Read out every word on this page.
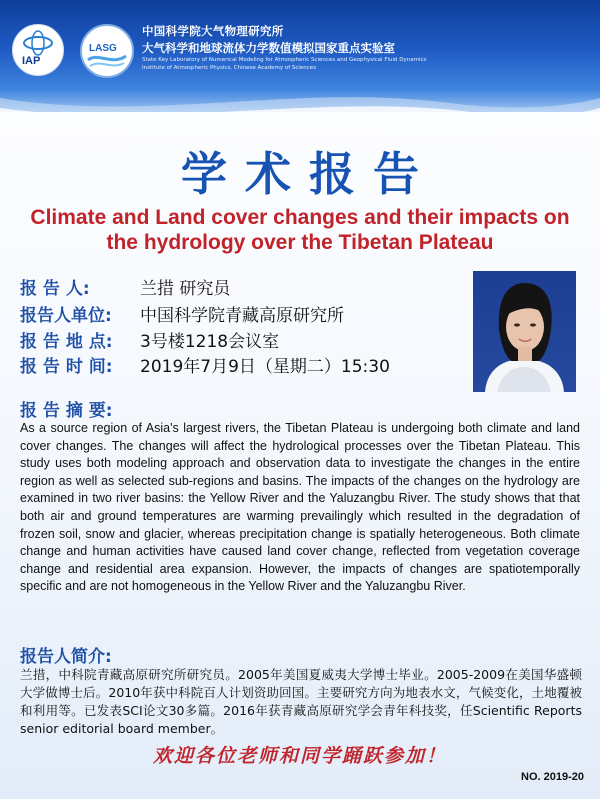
IAP
LASG
中国科学院大气物理研究所
大气科学和地球流体力学数值模拟国家重点实验室
State Key Laboratory of Numerical Modeling for Atmospheric Sciences and Geophysical Fluid Dynamics
Institute of Atmospheric Physics, Chinese Academy of Sciences
学术报告
Climate and Land cover changes and their impacts on the hydrology over the Tibetan Plateau
报 告 人:	兰措 研究员
报告人单位: 中国科学院青藏高原研究所
报 告 地 点: 3号楼1218会议室
报 告 时 间: 2019年7月9日（星期二）15:30
报 告 摘 要:
As a source region of Asia's largest rivers, the Tibetan Plateau is undergoing both climate and land cover changes. The changes will affect the hydrological processes over the Tibetan Plateau. This study uses both modeling approach and observation data to investigate the changes in the entire region as well as selected sub-regions and basins. The impacts of the changes on the hydrology are examined in two river basins: the Yellow River and the Yaluzangbu River. The study shows that that both air and ground temperatures are warming prevailingly which resulted in the degradation of frozen soil, snow and glacier, whereas precipitation change is spatially heterogeneous. Both climate change and human activities have caused land cover change, reflected from vegetation coverage change and residential area expansion. However, the impacts of changes are spatiotemporally specific and are not homogeneous in the Yellow River and the Yaluzangbu River.
报告人简介:
兰措，中科院青藏高原研究所研究员。2005年美国夏威夷大学博士毕业。2005-2009在美国华盛顿大学做博士后。2010年获中科院百人计划资助回国。主要研究方向为地表水文，气候变化，土地覆被和利用等。已发表SCI论文30多篇。2016年获青藏高原研究学会青年科技奖，任Scientific Reports senior editorial board member。
欢迎各位老师和同学踊跃参加！
NO. 2019-20
